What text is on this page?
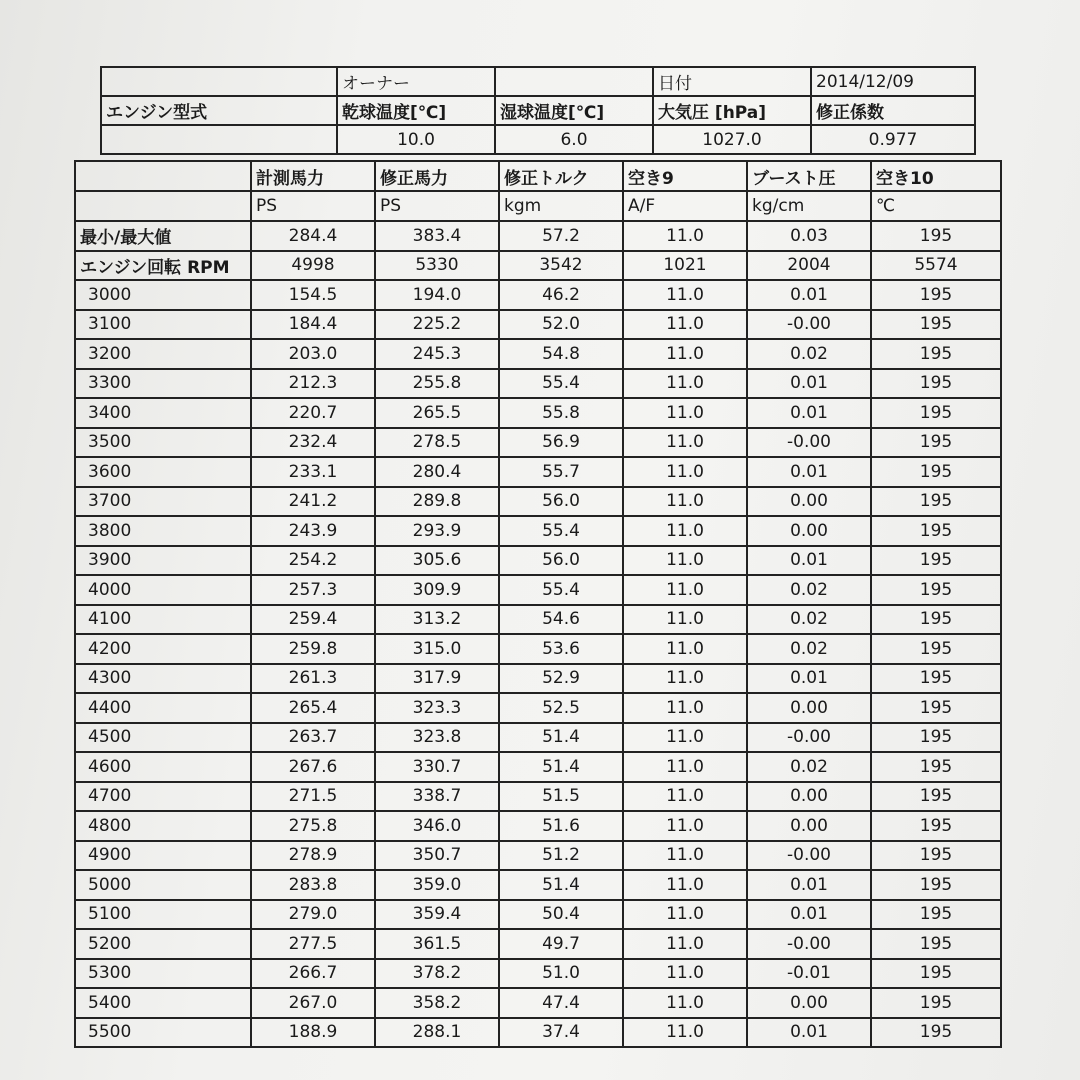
	オーナー		日付	2014/12/09
エンジン型式	乾球温度[℃]	湿球温度[℃]	大気圧 [hPa]	修正係数
	10.0	6.0	1027.0	0.977
	計測馬力	修正馬力	修正トルク	空き9	ブースト圧	空き10
	PS	PS	kgm	A/F	kg/cm	℃
最小/最大値	284.4	383.4	57.2	11.0	0.03	195
エンジン回転 RPM	4998	5330	3542	1021	2004	5574
3000	154.5	194.0	46.2	11.0	0.01	195
3100	184.4	225.2	52.0	11.0	-0.00	195
3200	203.0	245.3	54.8	11.0	0.02	195
3300	212.3	255.8	55.4	11.0	0.01	195
3400	220.7	265.5	55.8	11.0	0.01	195
3500	232.4	278.5	56.9	11.0	-0.00	195
3600	233.1	280.4	55.7	11.0	0.01	195
3700	241.2	289.8	56.0	11.0	0.00	195
3800	243.9	293.9	55.4	11.0	0.00	195
3900	254.2	305.6	56.0	11.0	0.01	195
4000	257.3	309.9	55.4	11.0	0.02	195
4100	259.4	313.2	54.6	11.0	0.02	195
4200	259.8	315.0	53.6	11.0	0.02	195
4300	261.3	317.9	52.9	11.0	0.01	195
4400	265.4	323.3	52.5	11.0	0.00	195
4500	263.7	323.8	51.4	11.0	-0.00	195
4600	267.6	330.7	51.4	11.0	0.02	195
4700	271.5	338.7	51.5	11.0	0.00	195
4800	275.8	346.0	51.6	11.0	0.00	195
4900	278.9	350.7	51.2	11.0	-0.00	195
5000	283.8	359.0	51.4	11.0	0.01	195
5100	279.0	359.4	50.4	11.0	0.01	195
5200	277.5	361.5	49.7	11.0	-0.00	195
5300	266.7	378.2	51.0	11.0	-0.01	195
5400	267.0	358.2	47.4	11.0	0.00	195
5500	188.9	288.1	37.4	11.0	0.01	195
